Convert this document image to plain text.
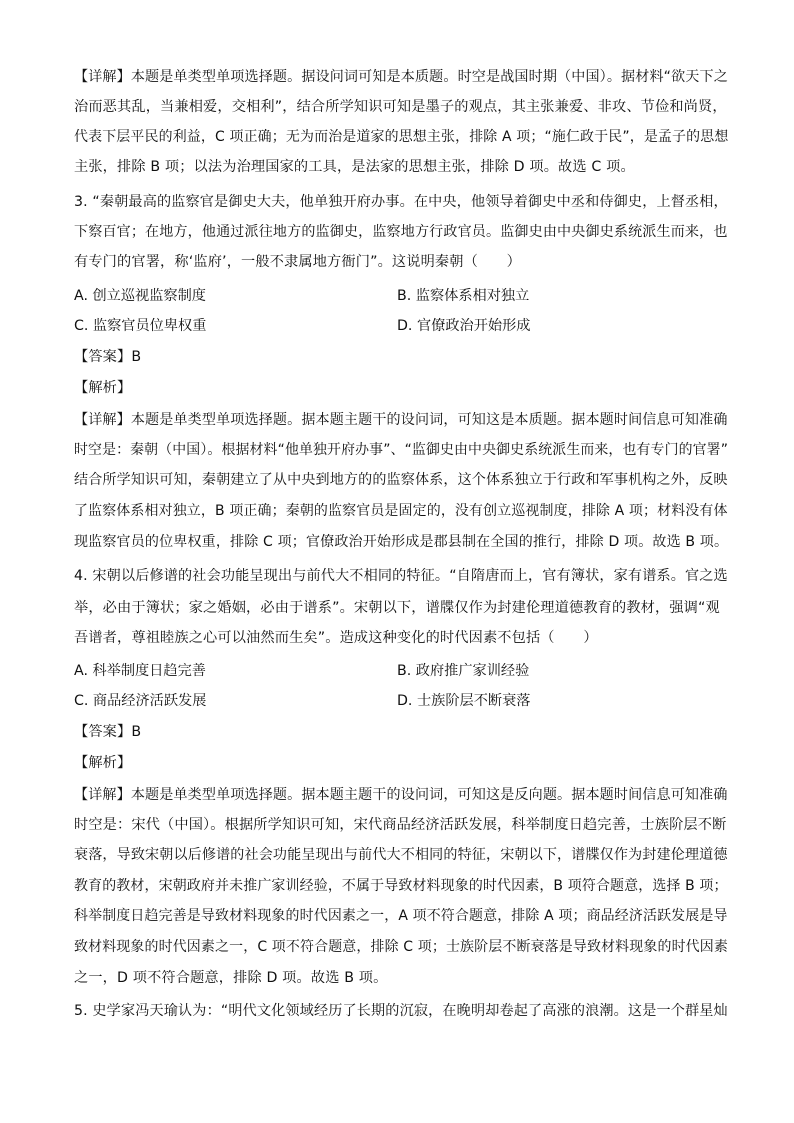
【详解】本题是单类型单项选择题。据设问词可知是本质题。时空是战国时期（中国）。据材料“欲天下之
治而恶其乱，当兼相爱，交相利”，结合所学知识可知是墨子的观点，其主张兼爱、非攻、节俭和尚贤，
代表下层平民的利益，C 项正确；无为而治是道家的思想主张，排除 A 项；“施仁政于民”，是孟子的思想
主张，排除 B 项；以法为治理国家的工具，是法家的思想主张，排除 D 项。故选 C 项。
3. “秦朝最高的监察官是御史大夫，他单独开府办事。在中央，他领导着御史中丞和侍御史，上督丞相，
下察百官；在地方，他通过派往地方的监御史，监察地方行政官员。监御史由中央御史系统派生而来，也
有专门的官署，称‘监府’，一般不隶属地方衙门”。这说明秦朝（　　）
A. 创立巡视监察制度	B. 监察体系相对独立
C. 监察官员位卑权重	D. 官僚政治开始形成
【答案】B
【解析】
【详解】本题是单类型单项选择题。据本题主题干的设问词，可知这是本质题。据本题时间信息可知准确
时空是：秦朝（中国）。根据材料“他单独开府办事”、“监御史由中央御史系统派生而来，也有专门的官署”
结合所学知识可知，秦朝建立了从中央到地方的的监察体系，这个体系独立于行政和军事机构之外，反映
了监察体系相对独立，B 项正确；秦朝的监察官员是固定的，没有创立巡视制度，排除 A 项；材料没有体
现监察官员的位卑权重，排除 C 项；官僚政治开始形成是郡县制在全国的推行，排除 D 项。故选 B 项。
4. 宋朝以后修谱的社会功能呈现出与前代大不相同的特征。“自隋唐而上，官有簿状，家有谱系。官之选
举，必由于簿状；家之婚姻，必由于谱系”。宋朝以下，谱牒仅作为封建伦理道德教育的教材，强调“观
吾谱者，尊祖睦族之心可以油然而生矣”。造成这种变化的时代因素不包括（　　）
A. 科举制度日趋完善	B. 政府推广家训经验
C. 商品经济活跃发展	D. 士族阶层不断衰落
【答案】B
【解析】
【详解】本题是单类型单项选择题。据本题主题干的设问词，可知这是反向题。据本题时间信息可知准确
时空是：宋代（中国）。根据所学知识可知，宋代商品经济活跃发展，科举制度日趋完善，士族阶层不断
衰落，导致宋朝以后修谱的社会功能呈现出与前代大不相同的特征，宋朝以下，谱牒仅作为封建伦理道德
教育的教材，宋朝政府并未推广家训经验，不属于导致材料现象的时代因素，B 项符合题意，选择 B 项；
科举制度日趋完善是导致材料现象的时代因素之一，A 项不符合题意，排除 A 项；商品经济活跃发展是导
致材料现象的时代因素之一，C 项不符合题意，排除 C 项；士族阶层不断衰落是导致材料现象的时代因素
之一，D 项不符合题意，排除 D 项。故选 B 项。
5. 史学家冯天瑜认为：“明代文化领域经历了长期的沉寂，在晚明却卷起了高涨的浪潮。这是一个群星灿
